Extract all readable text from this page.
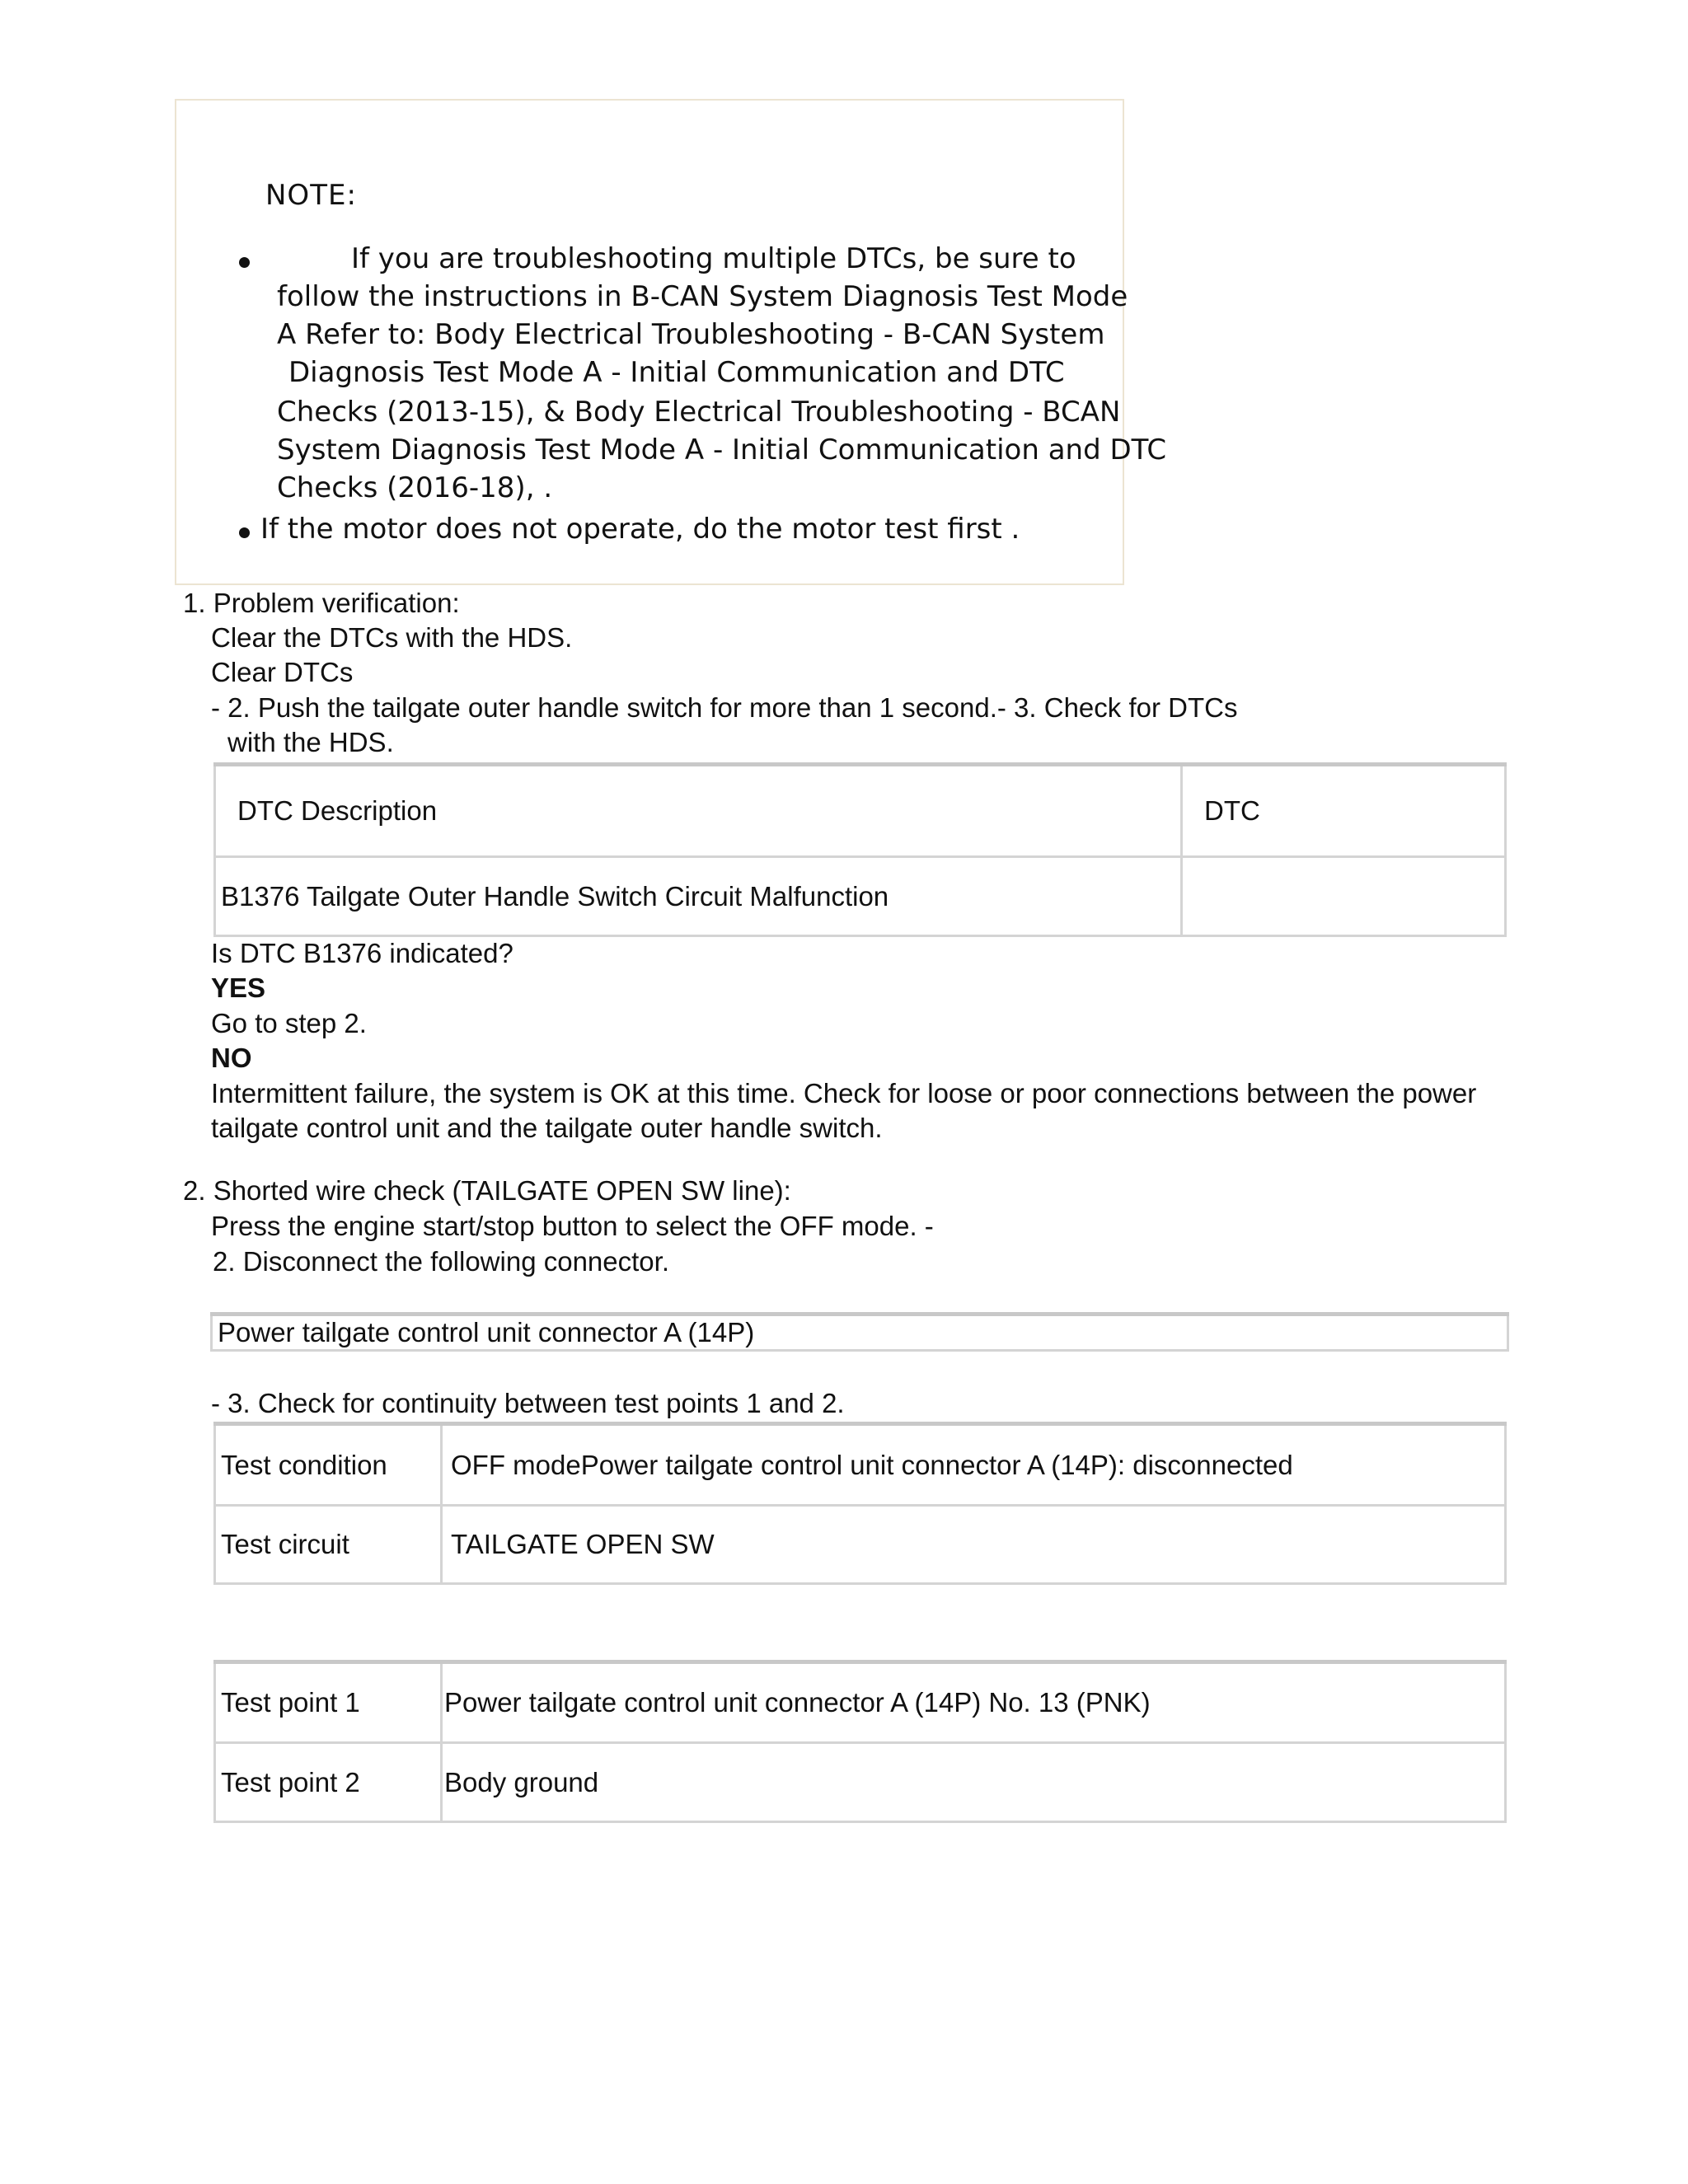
NOTE:
If you are troubleshooting multiple DTCs, be sure to
follow the instructions in B-CAN System Diagnosis Test Mode
A Refer to: Body Electrical Troubleshooting - B-CAN System
Diagnosis Test Mode A - Initial Communication and DTC
Checks (2013-15), & Body Electrical Troubleshooting - BCAN
System Diagnosis Test Mode A - Initial Communication and DTC
Checks (2016-18), .
If the motor does not operate, do the motor test first .
1. Problem verification:
Clear the DTCs with the HDS.
Clear DTCs
- 2. Push the tailgate outer handle switch for more than 1 second.- 3. Check for DTCs
with the HDS.
DTC Description	DTC
B1376 Tailgate Outer Handle Switch Circuit Malfunction	
Is DTC B1376 indicated?
YES
Go to step 2.
NO
Intermittent failure, the system is OK at this time. Check for loose or poor connections between the power
tailgate control unit and the tailgate outer handle switch.
2. Shorted wire check (TAILGATE OPEN SW line):
Press the engine start/stop button to select the OFF mode. -
2. Disconnect the following connector.
Power tailgate control unit connector A (14P)
- 3. Check for continuity between test points 1 and 2.
Test condition	OFF modePower tailgate control unit connector A (14P): disconnected
Test circuit	TAILGATE OPEN SW
Test point 1	Power tailgate control unit connector A (14P) No. 13 (PNK)
Test point 2	Body ground
